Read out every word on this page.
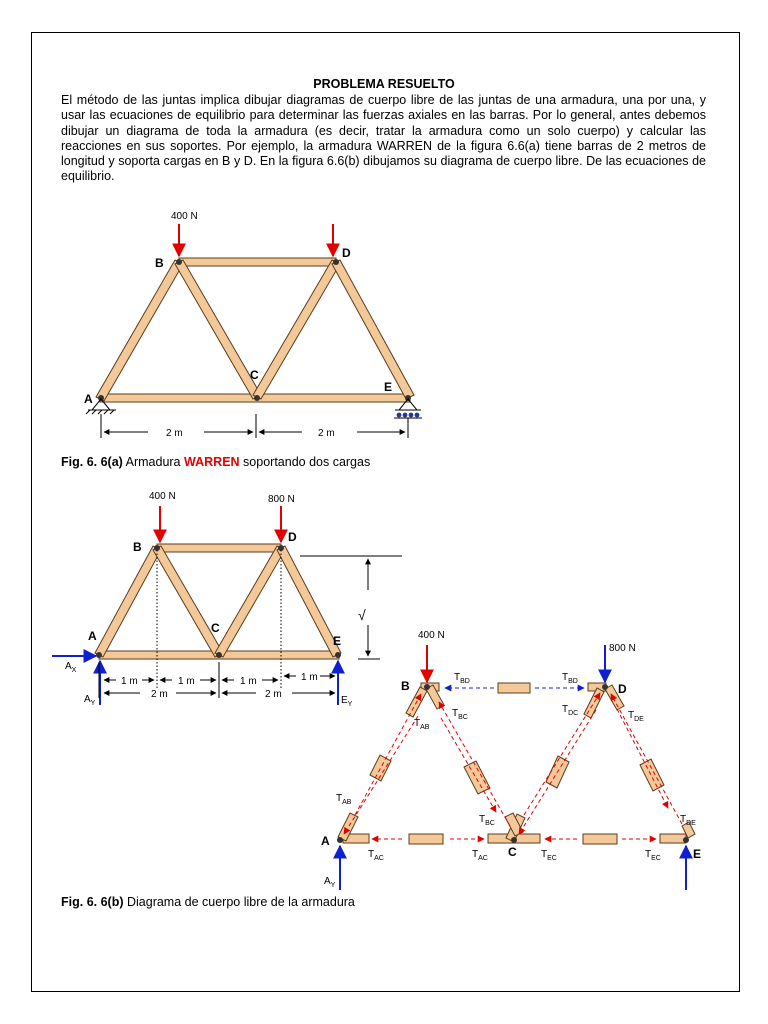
PROBLEMA RESUELTO
El método de las juntas implica dibujar diagramas de cuerpo libre de las juntas de una armadura, una por una, y usar las ecuaciones de equilibrio para determinar las fuerzas axiales en las barras. Por lo general, antes debemos dibujar un diagrama de toda la armadura (es decir, tratar la armadura como un solo cuerpo) y calcular las reacciones en sus soportes. Por ejemplo, la armadura WARREN de la figura 6.6(a) tiene barras de 2 metros de longitud y soporta cargas en B y D. En la figura 6.6(b) dibujamos su diagrama de cuerpo libre. De las ecuaciones de equilibrio.
400 N
B
D
A
C
E
2 m	2 m
Fig. 6. 6(a) Armadura WARREN soportando dos cargas
√
400 N	800 N
B
D
A
C
E
$A_X$
$A_Y$	$E_Y$
1 m	1 m	1 m	1 m
2 m	2 m
400 N
800 N
$A_Y$
B	D
A
C	E
$T_{BD}$	$T_{BD}$
$T_{AB}$
$T_{BC}$
$T_{DC}$	$T_{DE}$
$T_{AB}$
$T_{BC}$	$T_{DE}$
$T_{AC}$	$T_{AC}$	$T_{EC}$	$T_{EC}$
Fig. 6. 6(b) Diagrama de cuerpo libre de la armadura
